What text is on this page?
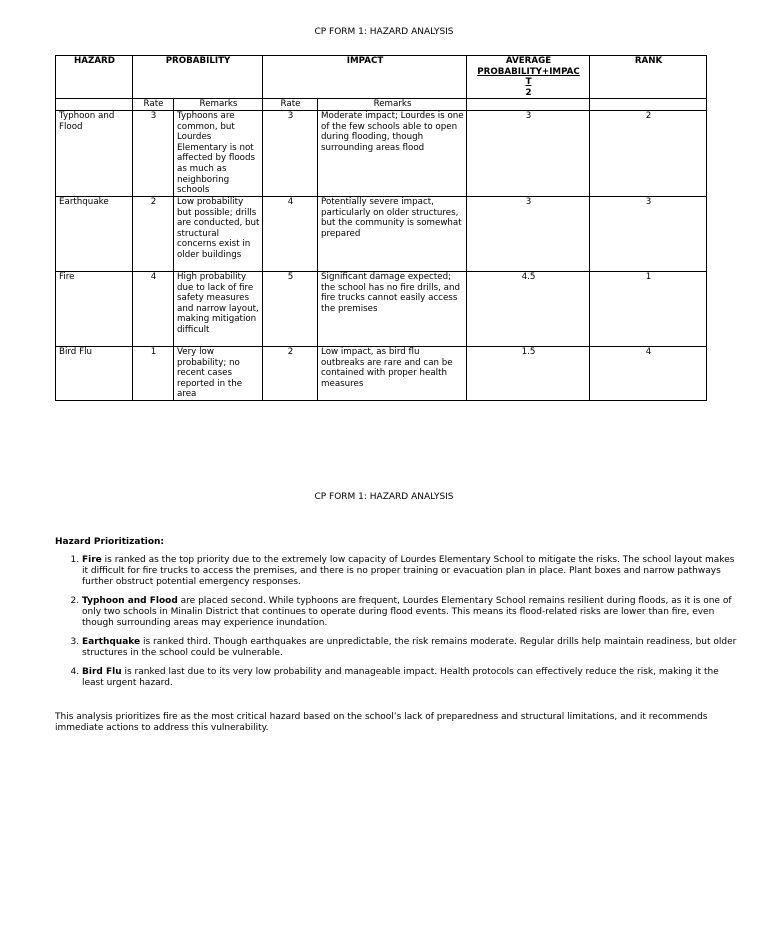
CP FORM 1: HAZARD ANALYSIS
HAZARD	PROBABILITY		IMPACT		AVERAGE
PROBABILITY+IMPAC
T
2	RANK
	Rate	Remarks	Rate	Remarks		
Typhoon and Flood	3	Typhoons are common, but Lourdes Elementary is not affected by floods as much as neighboring schools	3	Moderate impact; Lourdes is one of the few schools able to open during flooding, though surrounding areas flood	3	2
Earthquake	2	Low probability but possible; drills are conducted, but structural concerns exist in older buildings	4	Potentially severe impact, particularly on older structures, but the community is somewhat prepared	3	3
Fire	4	High probability due to lack of fire safety measures and narrow layout, making mitigation difficult	5	Significant damage expected; the school has no fire drills, and fire trucks cannot easily access the premises	4.5	1
Bird Flu	1	Very low probability; no recent cases reported in the area	2	Low impact, as bird flu outbreaks are rare and can be contained with proper health measures	1.5	4
CP FORM 1: HAZARD ANALYSIS
Hazard Prioritization:
1. Fire is ranked as the top priority due to the extremely low capacity of Lourdes Elementary School to mitigate the risks. The school layout makes it difficult for fire trucks to access the premises, and there is no proper training or evacuation plan in place. Plant boxes and narrow pathways further obstruct potential emergency responses.
2. Typhoon and Flood are placed second. While typhoons are frequent, Lourdes Elementary School remains resilient during floods, as it is one of only two schools in Minalin District that continues to operate during flood events. This means its flood-related risks are lower than fire, even though surrounding areas may experience inundation.
3. Earthquake is ranked third. Though earthquakes are unpredictable, the risk remains moderate. Regular drills help maintain readiness, but older structures in the school could be vulnerable.
4. Bird Flu is ranked last due to its very low probability and manageable impact. Health protocols can effectively reduce the risk, making it the least urgent hazard.
This analysis prioritizes fire as the most critical hazard based on the school’s lack of preparedness and structural limitations, and it recommends immediate actions to address this vulnerability.
